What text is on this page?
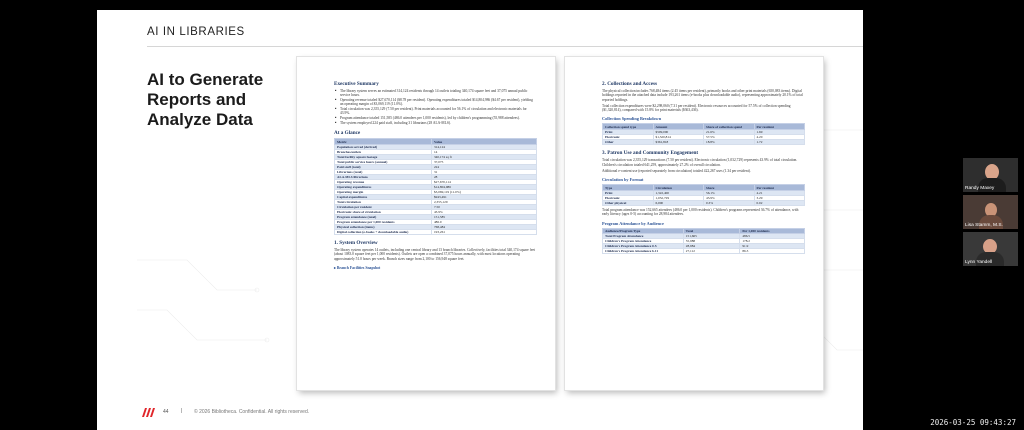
AI IN LIBRARIES
AI to Generate
Reports and
Analyze Data
Executive Summary
■ The library system serves an estimated 314,124 residents through 14 outlets totaling 340,174 square feet and 37,075 annual public service hours.
■ Operating revenue totaled $27,670,114 ($8.78 per resident). Operating expenditures totaled $14,804,986 ($4.67 per resident), yielding an operating margin of $3,069,119 (11.0%).
■ Total circulation was 2,355,129 (7.50 per resident). Print materials accounted for 56.1% of circulation and electronic materials for 43.9%.
■ Program attendance totaled 151,585 (486.0 attendees per 1,000 residents), led by children's programming (55,988 attendees).
■ The system employed 224 paid staff, including 31 librarians (28 ALA-MLS).
At a Glance
Metric	Value
Population served (derived)	314,124
Branches/outlets	14
Total facility square footage	340,174 sq ft
Total public service hours (annual)	37,075
Paid staff (total)	224
Librarians (total)	31
ALA-MLS librarians	28
Operating revenue	$27,670,114
Operating expenditures	$14,804,986
Operating margin	$3,069,119 (11.0%)
Capital expenditures	$943,491
Total circulation	2,355,129
Circulation per resident	7.50
Electronic share of circulation	43.9%
Program attendance (total)	151,585
Program attendance per 1,000 residents	486.0
Physical collection (items)	768,484
Digital collection (e-books + downloadable audio)	193,261
1. System Overview

The library system operates 14 outlets, including one central library and 13 branch libraries. Collectively, facilities total 340,174 square feet (about 1083.0 square feet per 1,000 residents). Outlets are open a combined 37,075 hours annually, with most locations operating approximately 51.0 hours per week. Branch sizes range from 2,100 to 156,948 square feet.

▸ Branch Facilities Snapshot
2. Collections and Access

The physical collection includes 768,484 items (2.45 items per resident), primarily books and other print materials (650,083 items). Digital holdings reported in the attached data include 193,261 items (e-books plus downloadable audio), representing approximately 20.1% of total reported holdings.

Total collection expenditures were $2,298,060 (7.31 per resident). Electronic resources accounted for 57.5% of collection spending ($1,320,814), compared with 15.8% for print materials ($363,436).

Collection Spending Breakdown
Collection spend type	Amount	Share of collection spend	Per resident
Print	$509,000	21.6%	1.69
Electronic	$1,320,814	57.5%	4.20
Other	$361,818	18.8%	1.72
3. Patron Use and Community Engagement

Total circulation was 2,355,129 transactions (7.50 per resident). Electronic circulation (1,032,729) represents 43.9% of total circulation. Children's circulation totaled 641,259, approximately 27.2% of overall circulation.

Additional e-content use (reported separately from circulation) totaled 422,267 uses (1.34 per resident).

Circulation by Format
Type	Circulation	Share	Per resident
Print	1,322,400	56.1%	4.21
Electronic	1,032,729	43.9%	3.29
Other physical	6,000	0.3%	0.02

Total program attendance was 152,665 attendees (486.0 per 1,000 residents). Children's programs represented 36.7% of attendance, with early literacy (ages 0-5) accounting for 28,984 attendees.

Program Attendance by Audience
Audience/Program Type	Total	Per 1,000 residents
Total Program Attendance	151,665	486.5
Children's Program Attendance	55,988	178.2
Children's Program Attendance 0-5	28,984	91.9
Children's Program Attendance 6-11	27,112	86.3
44 | © 2026 Bibliotheca. Confidential. All rights reserved.
Randy Maxey
Lisa Stamm, M.S.
Lynn Yandell
2026-03-25 09:43:27
